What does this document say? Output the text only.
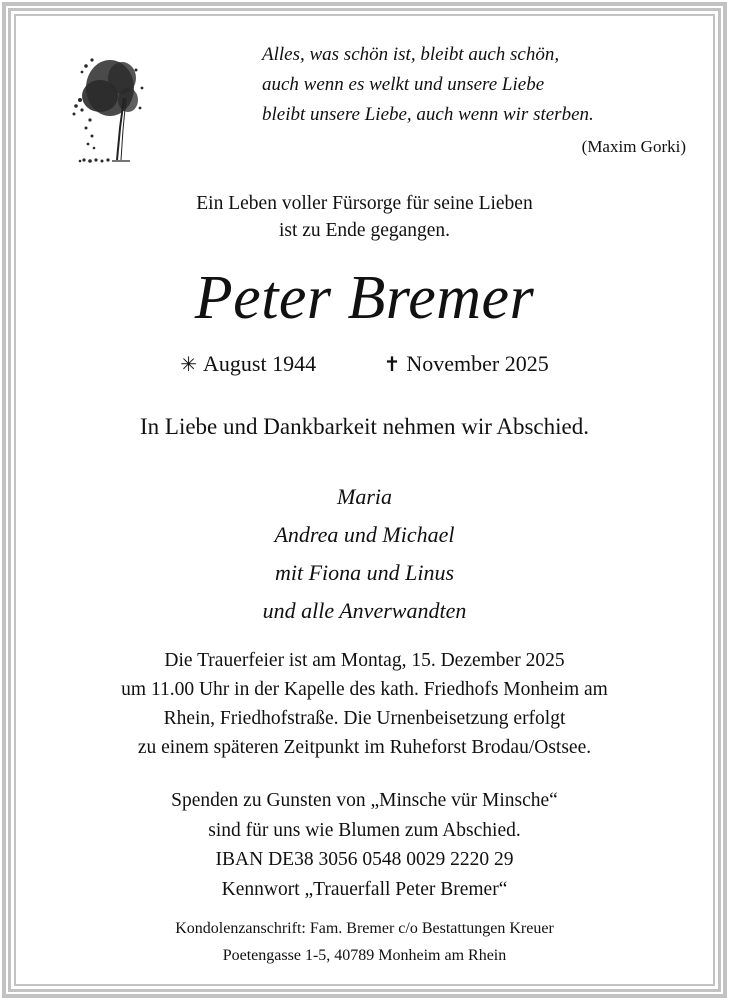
Alles, was schön ist, bleibt auch schön,
auch wenn es welkt und unsere Liebe
bleibt unsere Liebe, auch wenn wir sterben.
(Maxim Gorki)
Ein Leben voller Fürsorge für seine Lieben
ist zu Ende gegangen.
Peter Bremer
✳ August 1944	✝ November 2025
In Liebe und Dankbarkeit nehmen wir Abschied.
Maria
Andrea und Michael
mit Fiona und Linus
und alle Anverwandten
Die Trauerfeier ist am Montag, 15. Dezember 2025
um 11.00 Uhr in der Kapelle des kath. Friedhofs Monheim am
Rhein, Friedhofstraße. Die Urnenbeisetzung erfolgt
zu einem späteren Zeitpunkt im Ruheforst Brodau/Ostsee.
Spenden zu Gunsten von „Minsche vür Minsche“
sind für uns wie Blumen zum Abschied.
IBAN DE38 3056 0548 0029 2220 29
Kennwort „Trauerfall Peter Bremer“
Kondolenzanschrift: Fam. Bremer c/o Bestattungen Kreuer
Poetengasse 1-5, 40789 Monheim am Rhein
